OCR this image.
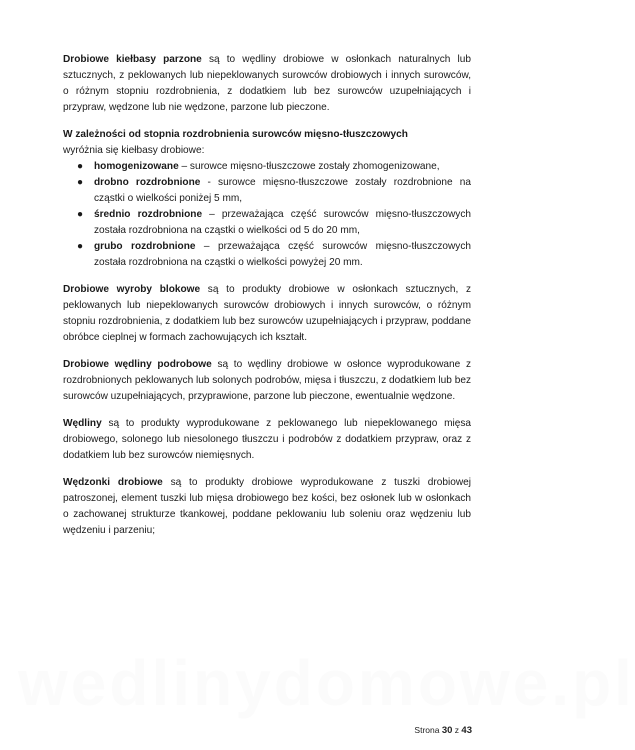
Drobiowe kiełbasy parzone są to wędliny drobiowe w osłonkach naturalnych lub sztucznych, z peklowanych lub niepeklowanych surowców drobiowych i innych surowców, o różnym stopniu rozdrobnienia, z dodatkiem lub bez surowców uzupełniających i przypraw, wędzone lub nie wędzone, parzone lub pieczone.

W zależności od stopnia rozdrobnienia surowców mięsno-tłuszczowych

wyróżnia się kiełbasy drobiowe:

● homogenizowane – surowce mięsno-tłuszczowe zostały zhomogenizowane,
● drobno rozdrobnione - surowce mięsno-tłuszczowe zostały rozdrobnione na cząstki o wielkości poniżej 5 mm,
● średnio rozdrobnione – przeważająca część surowców mięsno-tłuszczowych została rozdrobniona na cząstki o wielkości od 5 do 20 mm,
● grubo rozdrobnione – przeważająca część surowców mięsno-tłuszczowych została rozdrobniona na cząstki o wielkości powyżej 20 mm.

Drobiowe wyroby blokowe są to produkty drobiowe w osłonkach sztucznych, z peklowanych lub niepeklowanych surowców drobiowych i innych surowców, o różnym stopniu rozdrobnienia, z dodatkiem lub bez surowców uzupełniających i przypraw, poddane obróbce cieplnej w formach zachowujących ich kształt.

Drobiowe wędliny podrobowe są to wędliny drobiowe w osłonce wyprodukowane z rozdrobnionych peklowanych lub solonych podrobów, mięsa i tłuszczu, z dodatkiem lub bez surowców uzupełniających, przyprawione, parzone lub pieczone, ewentualnie wędzone.

Wędliny są to produkty wyprodukowane z peklowanego lub niepeklowanego mięsa drobiowego, solonego lub niesolonego tłuszczu i podrobów z dodatkiem przypraw, oraz z dodatkiem lub bez surowców niemięsnych.

Wędzonki drobiowe są to produkty drobiowe wyprodukowane z tuszki drobiowej patroszonej, element tuszki lub mięsa drobiowego bez kości, bez osłonek lub w osłonkach o zachowanej strukturze tkankowej, poddane peklowaniu lub soleniu oraz wędzeniu lub wędzeniu i parzeniu;

wedlinydomowe.pl
Strona 30 z 43
